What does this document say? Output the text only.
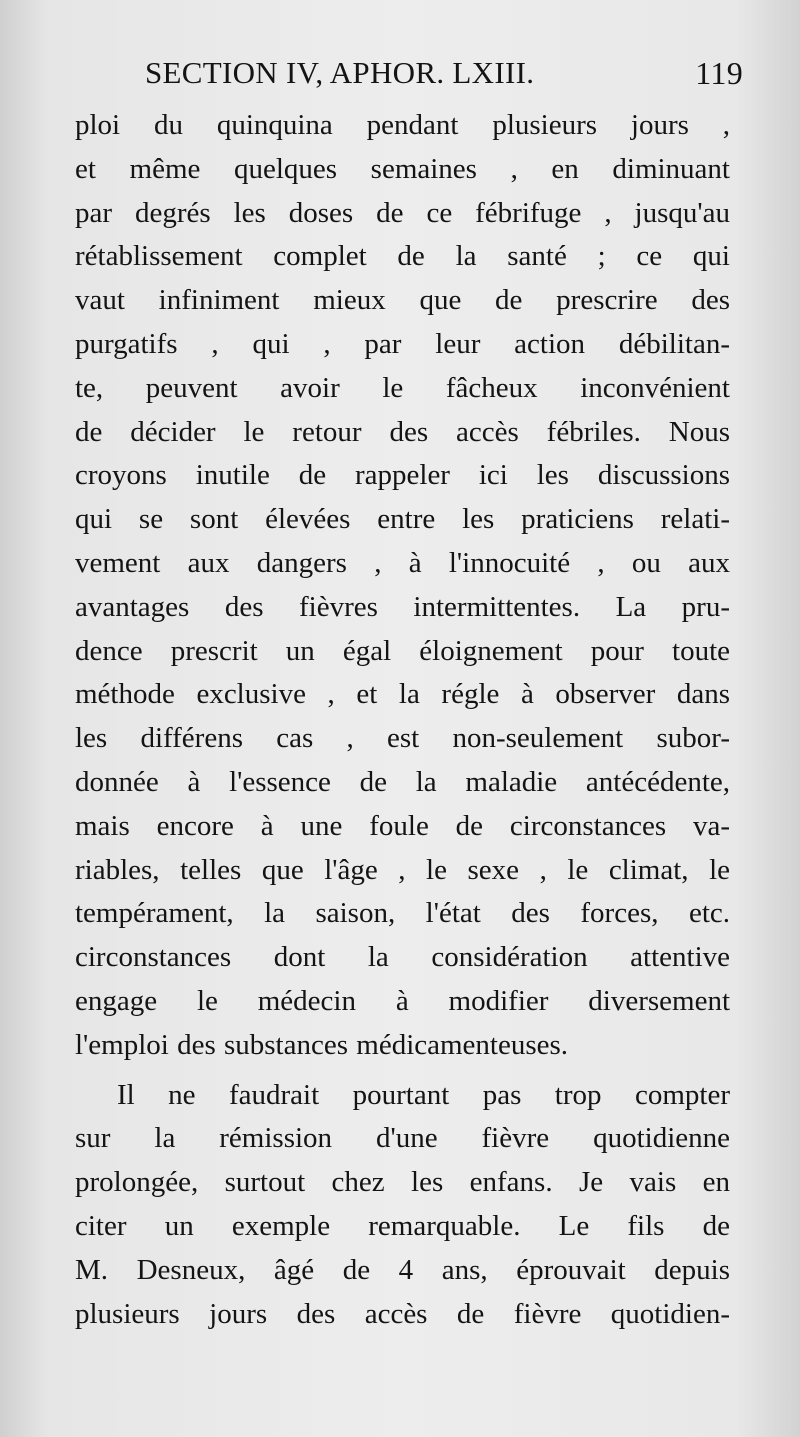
SECTION IV, APHOR. LXIII.	119
ploi du quinquina pendant plusieurs jours ,
et même quelques semaines , en diminuant
par degrés les doses de ce fébrifuge , jusqu'au
rétablissement complet de la santé ; ce qui
vaut infiniment mieux que de prescrire des
purgatifs , qui , par leur action débilitan-
te, peuvent avoir le fâcheux inconvénient
de décider le retour des accès fébriles. Nous
croyons inutile de rappeler ici les discussions
qui se sont élevées entre les praticiens relati-
vement aux dangers , à l'innocuité , ou aux
avantages des fièvres intermittentes. La pru-
dence prescrit un égal éloignement pour toute
méthode exclusive , et la régle à observer dans
les différens cas , est non-seulement subor-
donnée à l'essence de la maladie antécédente,
mais encore à une foule de circonstances va-
riables, telles que l'âge , le sexe , le climat, le
tempérament, la saison, l'état des forces, etc.
circonstances dont la considération attentive
engage le médecin à modifier diversement
l'emploi des substances médicamenteuses.
Il ne faudrait pourtant pas trop compter
sur la rémission d'une fièvre quotidienne
prolongée, surtout chez les enfans. Je vais en
citer un exemple remarquable. Le fils de
M. Desneux, âgé de 4 ans, éprouvait depuis
plusieurs jours des accès de fièvre quotidien-
